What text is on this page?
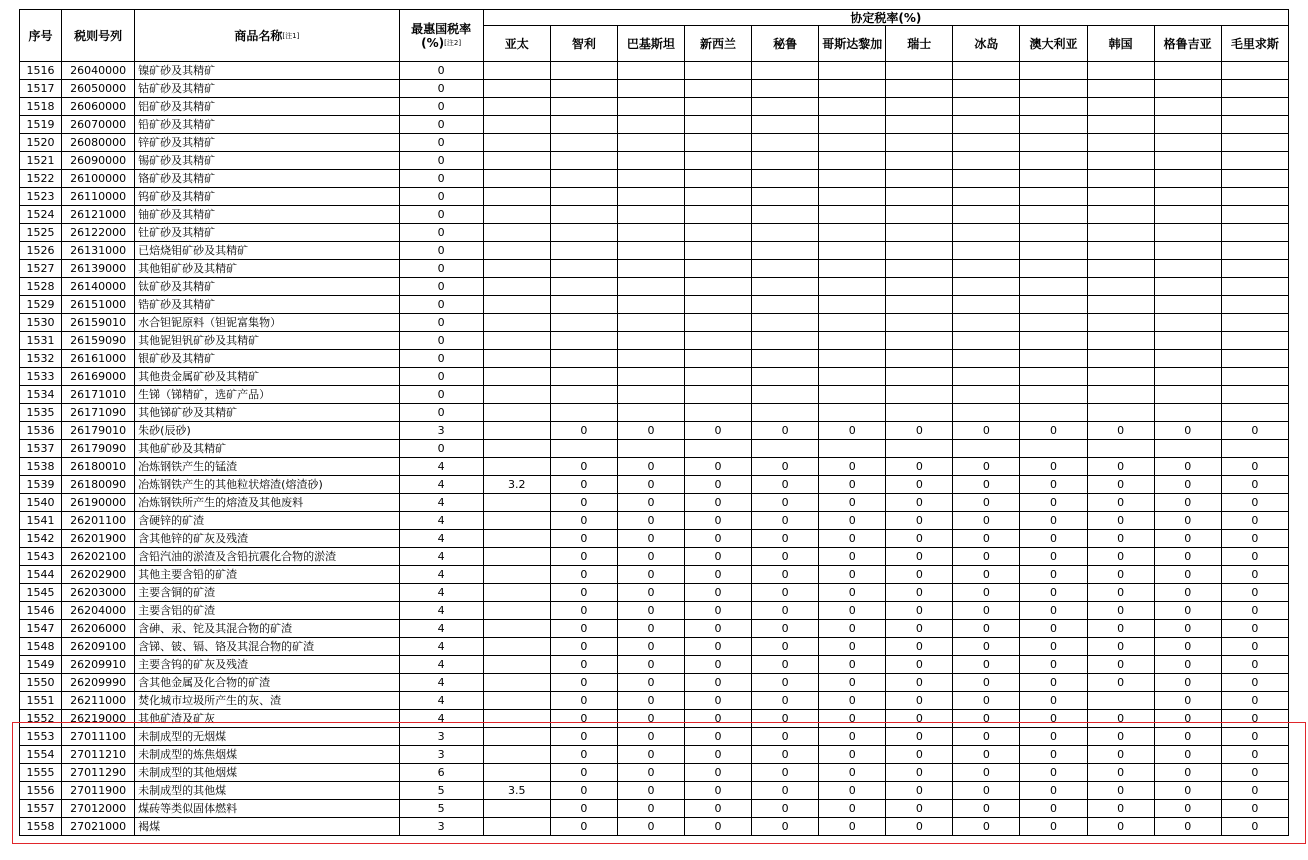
序号	税则号列	商品名称[注1]	最惠国税率
(%)[注2]	协定税率(%)											
				亚太	智利	巴基斯坦	新西兰	秘鲁	哥斯达黎加	瑞士	冰岛	澳大利亚	韩国	格鲁吉亚	毛里求斯
1516	26040000	镍矿砂及其精矿	0												
1517	26050000	钴矿砂及其精矿	0												
1518	26060000	铝矿砂及其精矿	0												
1519	26070000	铅矿砂及其精矿	0												
1520	26080000	锌矿砂及其精矿	0												
1521	26090000	锡矿砂及其精矿	0												
1522	26100000	铬矿砂及其精矿	0												
1523	26110000	钨矿砂及其精矿	0												
1524	26121000	铀矿砂及其精矿	0												
1525	26122000	钍矿砂及其精矿	0												
1526	26131000	已焙烧钼矿砂及其精矿	0												
1527	26139000	其他钼矿砂及其精矿	0												
1528	26140000	钛矿砂及其精矿	0												
1529	26151000	锆矿砂及其精矿	0												
1530	26159010	水合钽铌原料（钽铌富集物）	0												
1531	26159090	其他铌钽钒矿砂及其精矿	0												
1532	26161000	银矿砂及其精矿	0												
1533	26169000	其他贵金属矿砂及其精矿	0												
1534	26171010	生锑（锑精矿，选矿产品）	0												
1535	26171090	其他锑矿砂及其精矿	0												
1536	26179010	朱砂(辰砂)	3		0	0	0	0	0	0	0	0	0	0	0
1537	26179090	其他矿砂及其精矿	0												
1538	26180010	冶炼钢铁产生的锰渣	4		0	0	0	0	0	0	0	0	0	0	0
1539	26180090	冶炼钢铁产生的其他粒状熔渣(熔渣砂)	4	3.2	0	0	0	0	0	0	0	0	0	0	0
1540	26190000	冶炼钢铁所产生的熔渣及其他废料	4		0	0	0	0	0	0	0	0	0	0	0
1541	26201100	含硬锌的矿渣	4		0	0	0	0	0	0	0	0	0	0	0
1542	26201900	含其他锌的矿灰及残渣	4		0	0	0	0	0	0	0	0	0	0	0
1543	26202100	含铅汽油的淤渣及含铅抗震化合物的淤渣	4		0	0	0	0	0	0	0	0	0	0	0
1544	26202900	其他主要含铅的矿渣	4		0	0	0	0	0	0	0	0	0	0	0
1545	26203000	主要含铜的矿渣	4		0	0	0	0	0	0	0	0	0	0	0
1546	26204000	主要含铝的矿渣	4		0	0	0	0	0	0	0	0	0	0	0
1547	26206000	含砷、汞、铊及其混合物的矿渣	4		0	0	0	0	0	0	0	0	0	0	0
1548	26209100	含锑、铍、镉、铬及其混合物的矿渣	4		0	0	0	0	0	0	0	0	0	0	0
1549	26209910	主要含钨的矿灰及残渣	4		0	0	0	0	0	0	0	0	0	0	0
1550	26209990	含其他金属及化合物的矿渣	4		0	0	0	0	0	0	0	0	0	0	0
1551	26211000	焚化城市垃圾所产生的灰、渣	4		0	0	0	0	0	0	0	0		0	0
1552	26219000	其他矿渣及矿灰	4		0	0	0	0	0	0	0	0	0	0	0
1553	27011100	未制成型的无烟煤	3		0	0	0	0	0	0	0	0	0	0	0
1554	27011210	未制成型的炼焦烟煤	3		0	0	0	0	0	0	0	0	0	0	0
1555	27011290	未制成型的其他烟煤	6		0	0	0	0	0	0	0	0	0	0	0
1556	27011900	未制成型的其他煤	5	3.5	0	0	0	0	0	0	0	0	0	0	0
1557	27012000	煤砖等类似固体燃料	5		0	0	0	0	0	0	0	0	0	0	0
1558	27021000	褐煤	3		0	0	0	0	0	0	0	0	0	0	0
